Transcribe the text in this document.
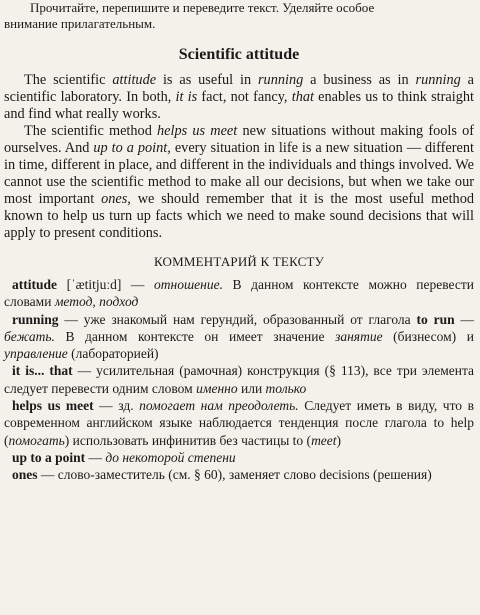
Прочитайте, перепишите и переведите текст. Уделяйте особое
внимание прилагательным.
Scientific attitude

The scientific attitude is as useful in running a business as in running a scientific laboratory. In both, it is fact, not fancy, that enables us to think straight and find what really works.

The scientific method helps us meet new situations without making fools of ourselves. And up to a point, every situation in life is a new situation — different in time, different in place, and different in the individuals and things involved. We cannot use the scientific method to make all our decisions, but when we take our most important ones, we should remember that it is the most useful method known to help us turn up facts which we need to make sound decisions that will apply to present conditions.

КОММЕНТАРИЙ К ТЕКСТУ

attitude [ˈætitjuːd] — отношение. В данном контексте можно перевести словами метод, подход

running — уже знакомый нам герундий, образованный от глагола to run — бежать. В данном контексте он имеет значение занятие (бизнесом) и управление (лабораторией)

it is... that — усилительная (рамочная) конструкция (§ 113), все три элемента следует перевести одним словом именно или только

helps us meet — зд. помогает нам преодолеть. Следует иметь в виду, что в современном английском языке наблюдается тенденция после глагола to help (помогать) использовать инфинитив без частицы to (meet)

up to a point — до некоторой степени

ones — слово-заместитель (см. § 60), заменяет слово decisions (решения)
